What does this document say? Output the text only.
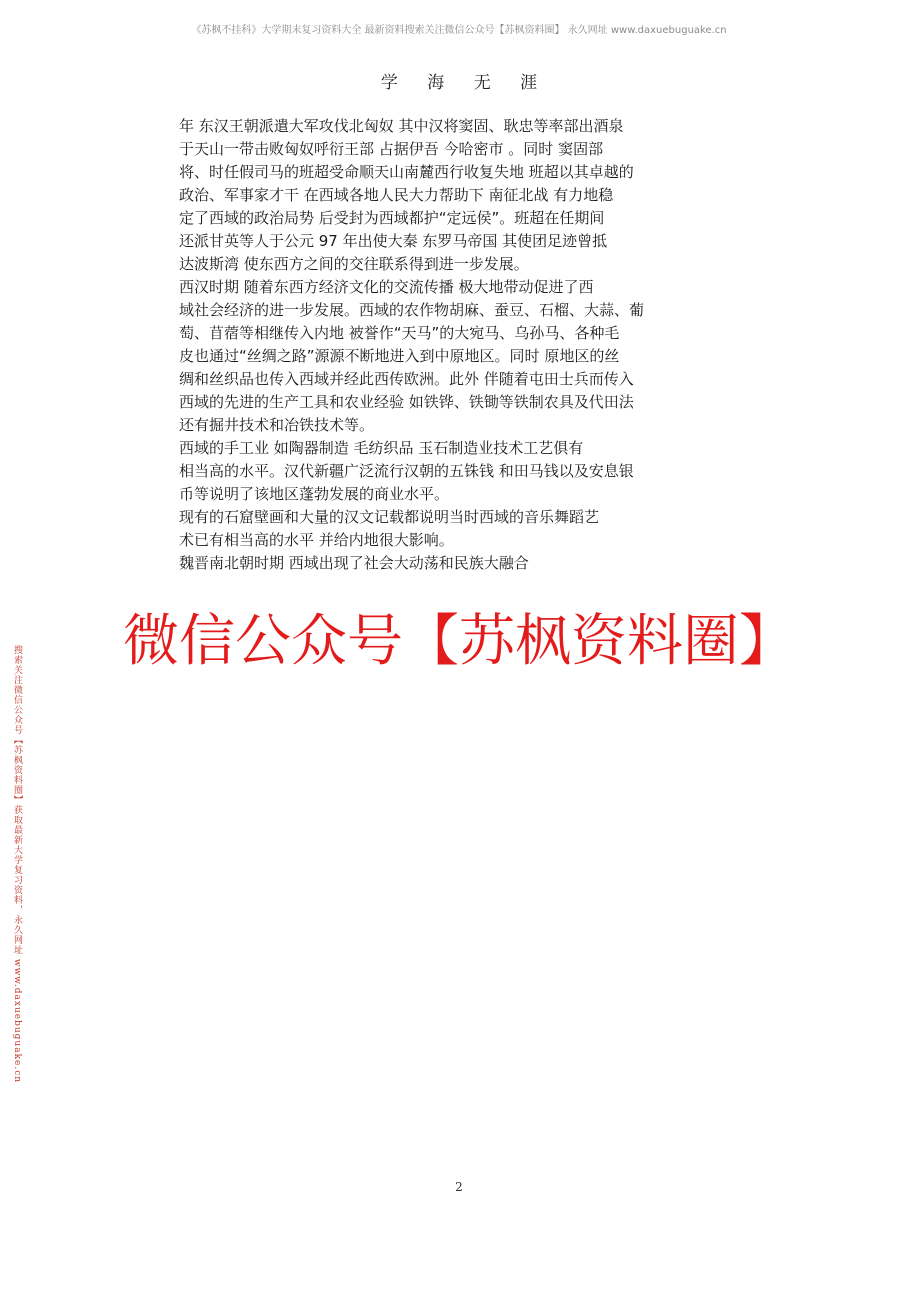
《苏枫不挂科》大学期末复习资料大全 最新资料搜索关注微信公众号【苏枫资料圈】 永久网址 www.daxuebuguake.cn
学 海 无 涯
年 东汉王朝派遣大军攻伐北匈奴 其中汉将窦固、耿忠等率部出酒泉
于天山一带击败匈奴呼衍王部 占据伊吾 今哈密市 。同时 窦固部
将、时任假司马的班超受命顺天山南麓西行收复失地 班超以其卓越的
政治、军事家才干 在西域各地人民大力帮助下 南征北战 有力地稳
定了西域的政治局势 后受封为西域都护“定远侯”。班超在任期间
还派甘英等人于公元 97 年出使大秦 东罗马帝国 其使团足迹曾抵
达波斯湾 使东西方之间的交往联系得到进一步发展。
西汉时期 随着东西方经济文化的交流传播 极大地带动促进了西
域社会经济的进一步发展。西域的农作物胡麻、蚕豆、石榴、大蒜、葡
萄、苜蓿等相继传入内地 被誉作“天马”的大宛马、乌孙马、各种毛
皮也通过“丝绸之路”源源不断地进入到中原地区。同时 原地区的丝
绸和丝织品也传入西域并经此西传欧洲。此外 伴随着屯田士兵而传入
西域的先进的生产工具和农业经验 如铁铧、铁锄等铁制农具及代田法
还有掘井技术和冶铁技术等。
西域的手工业 如陶器制造 毛纺织品 玉石制造业技术工艺俱有
相当高的水平。汉代新疆广泛流行汉朝的五铢钱 和田马钱以及安息银
币等说明了该地区蓬勃发展的商业水平。
现有的石窟壁画和大量的汉文记载都说明当时西域的音乐舞蹈艺
术已有相当高的水平 并给内地很大影响。
魏晋南北朝时期 西域出现了社会大动荡和民族大融合
微信公众号【苏枫资料圈】
搜索关注微信公众号【苏枫资料圈】获取最新大学复习资料，永久网址 www.daxuebuguake.cn
2
